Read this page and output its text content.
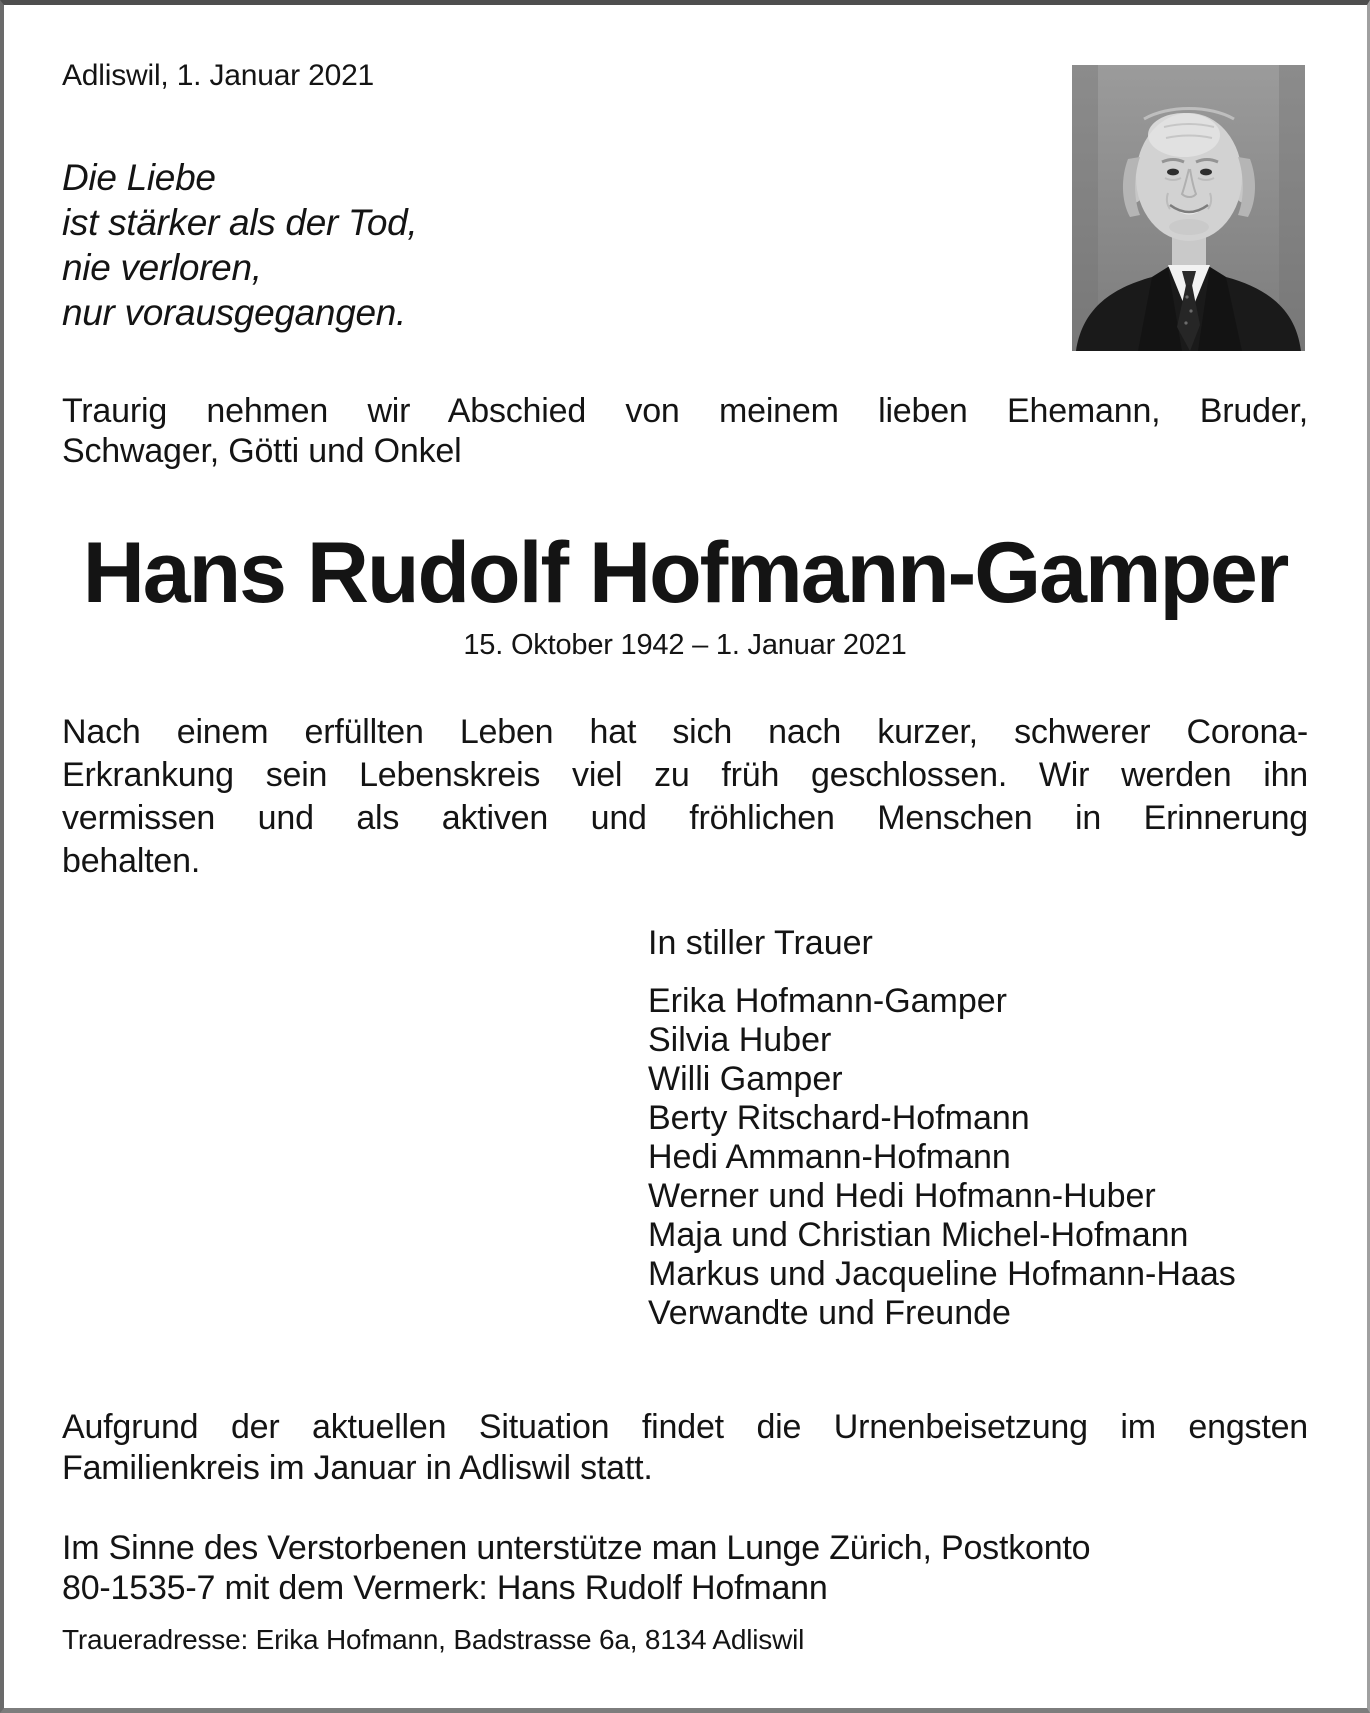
Adliswil, 1. Januar 2021
Die Liebe
ist stärker als der Tod,
nie verloren,
nur vorausgegangen.
Traurig nehmen wir Abschied von meinem lieben Ehemann, Bruder,
Schwager, Götti und Onkel
Hans Rudolf Hofmann-Gamper
15. Oktober 1942 – 1. Januar 2021
Nach einem erfüllten Leben hat sich nach kurzer, schwerer Corona-
Erkrankung sein Lebenskreis viel zu früh geschlossen. Wir werden ihn
vermissen und als aktiven und fröhlichen Menschen in Erinnerung
behalten.
In stiller Trauer
Erika Hofmann-Gamper
Silvia Huber
Willi Gamper
Berty Ritschard-Hofmann
Hedi Ammann-Hofmann
Werner und Hedi Hofmann-Huber
Maja und Christian Michel-Hofmann
Markus und Jacqueline Hofmann-Haas
Verwandte und Freunde
Aufgrund der aktuellen Situation findet die Urnenbeisetzung im engsten
Familienkreis im Januar in Adliswil statt.
Im Sinne des Verstorbenen unterstütze man Lunge Zürich, Postkonto
80-1535-7 mit dem Vermerk: Hans Rudolf Hofmann
Traueradresse: Erika Hofmann, Badstrasse 6a, 8134 Adliswil
